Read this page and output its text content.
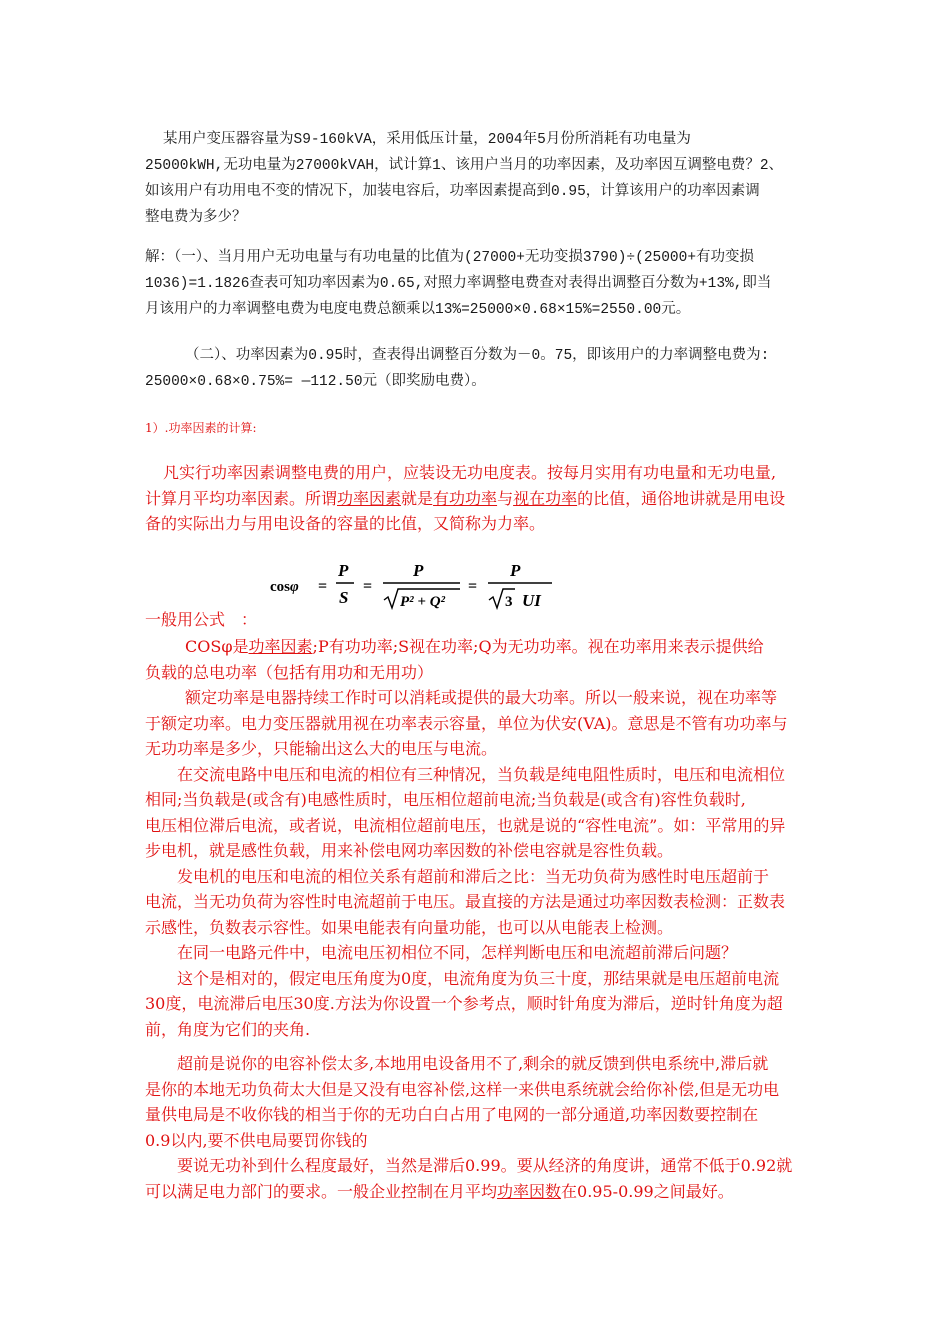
某用户变压器容量为S9-160kVA，采用低压计量，2004年5月份所消耗有功电量为
25000kWH,无功电量为27000kVAH，试计算1、该用户当月的功率因素，及功率因互调整电费？2、
如该用户有功用电不变的情况下，加装电容后，功率因素提高到0.95，计算该用户的功率因素调
整电费为多少？
解：（一）、当月用户无功电量与有功电量的比值为(27000+无功变损3790)÷(25000+有功变损
1036)=1.1826查表可知功率因素为0.65,对照力率调整电费查对表得出调整百分数为+13%,即当
月该用户的力率调整电费为电度电费总额乘以13%=25000×0.68×15%=2550.00元。
（二）、功率因素为0.95时，查表得出调整百分数为－0。75，即该用户的力率调整电费为:
25000×0.68×0.75%= —112.50元（即奖励电费）。
1）.功率因素的计算:
凡实行功率因素调整电费的用户，应装设无功电度表。按每月实用有功电量和无功电量,
计算月平均功率因素。所谓功率因素就是有功功率与视在功率的比值，通俗地讲就是用电设
备的实际出力与用电设备的容量的比值，又简称为力率。
cosφ =
P
S
=
P
P² + Q²
=
P
3 UI
一般用公式　：
COSφ是功率因素;P有功功率;S视在功率;Q为无功功率。视在功率用来表示提供给
负载的总电功率（包括有用功和无用功）
额定功率是电器持续工作时可以消耗或提供的最大功率。所以一般来说，视在功率等
于额定功率。电力变压器就用视在功率表示容量，单位为伏安(VA)。意思是不管有功功率与
无功功率是多少，只能输出这么大的电压与电流。
在交流电路中电压和电流的相位有三种情况，当负载是纯电阻性质时，电压和电流相位
相同;当负载是(或含有)电感性质时，电压相位超前电流;当负载是(或含有)容性负载时,
电压相位滞后电流，或者说，电流相位超前电压，也就是说的“容性电流”。如：平常用的异
步电机，就是感性负载，用来补偿电网功率因数的补偿电容就是容性负载。
发电机的电压和电流的相位关系有超前和滞后之比：当无功负荷为感性时电压超前于
电流，当无功负荷为容性时电流超前于电压。最直接的方法是通过功率因数表检测：正数表
示感性，负数表示容性。如果电能表有向量功能，也可以从电能表上检测。
在同一电路元件中，电流电压初相位不同，怎样判断电压和电流超前滞后问题？
这个是相对的，假定电压角度为0度，电流角度为负三十度，那结果就是电压超前电流
30度，电流滞后电压30度.方法为你设置一个参考点，顺时针角度为滞后，逆时针角度为超
前，角度为它们的夹角.
超前是说你的电容补偿太多,本地用电设备用不了,剩余的就反馈到供电系统中,滞后就
是你的本地无功负荷太大但是又没有电容补偿,这样一来供电系统就会给你补偿,但是无功电
量供电局是不收你钱的相当于你的无功白白占用了电网的一部分通道,功率因数要控制在
0.9以内,要不供电局要罚你钱的
要说无功补到什么程度最好，当然是滞后0.99。要从经济的角度讲，通常不低于0.92就
可以满足电力部门的要求。一般企业控制在月平均功率因数在0.95-0.99之间最好。
